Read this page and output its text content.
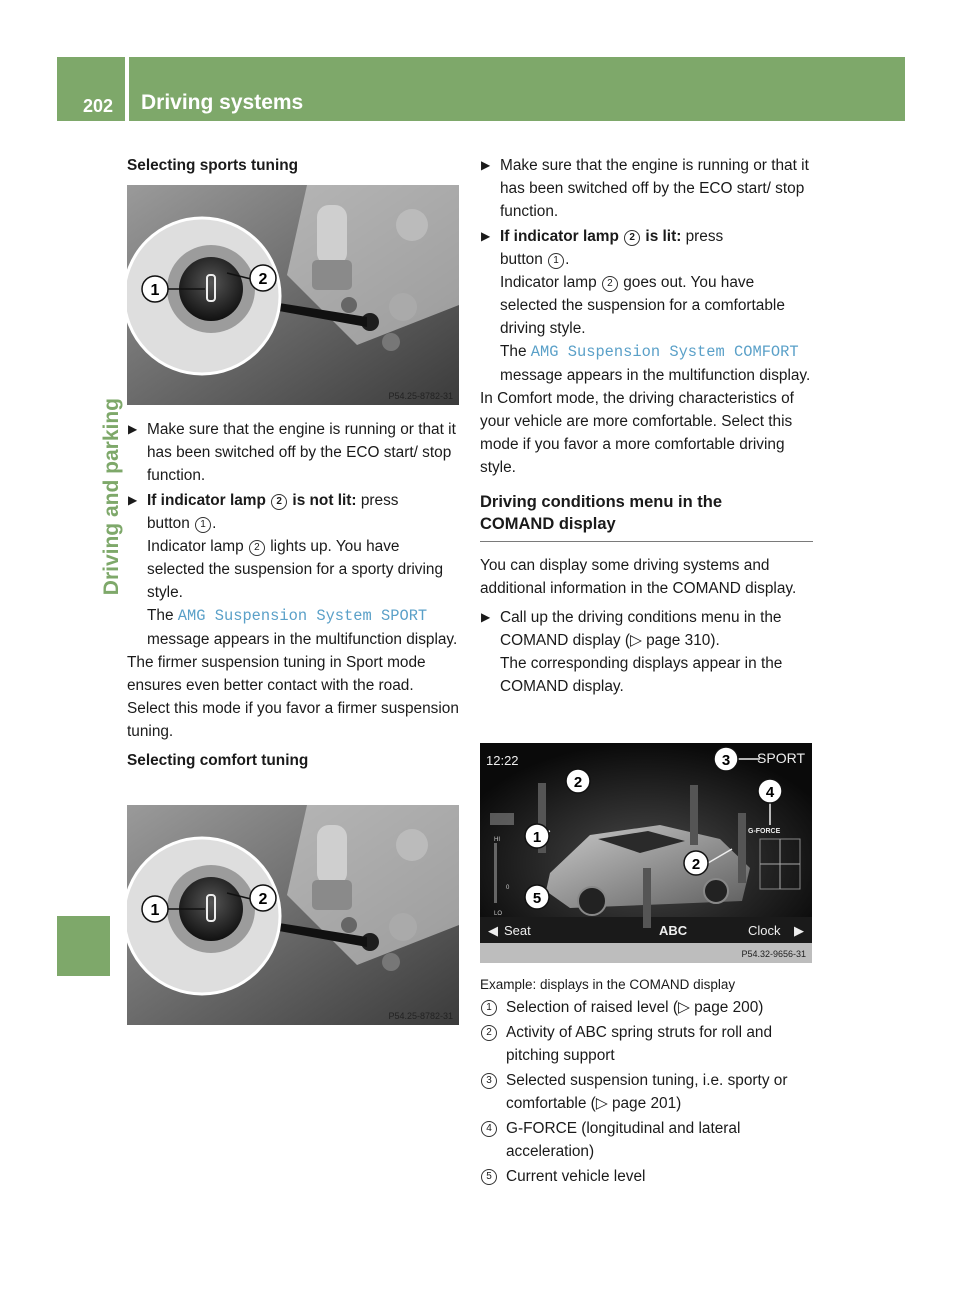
202 Driving systems
Driving and parking

Selecting sports tuning

1
2
P54.25-8782-31

▶ Make sure that the engine is running or that it has been switched off by the ECO start/ stop function.

▶ If indicator lamp 2 is not lit: press
button 1 .
Indicator lamp 2 lights up. You have selected the suspension for a sporty driving style.
The AMG Suspension System SPORT
message appears in the multifunction display.

The firmer suspension tuning in Sport mode ensures even better contact with the road. Select this mode if you favor a firmer suspension tuning.

Selecting comfort tuning

1
2
P54.25-8782-31

▶ Make sure that the engine is running or that it has been switched off by the ECO start/ stop function.

▶ If indicator lamp 2 is lit: press
button 1 .
Indicator lamp 2 goes out. You have selected the suspension for a comfortable driving style.
The AMG Suspension System COMFORT
message appears in the multifunction display.

In Comfort mode, the driving characteristics of your vehicle are more comfortable. Select this mode if you favor a more comfortable driving style.

Driving conditions menu in the
COMAND display

You can display some driving systems and additional information in the COMAND display.

▶ Call up the driving conditions menu in the COMAND display (▷ page 310).
The corresponding displays appear in the COMAND display.

12:22	SPORT
G-FORCE
HI
0
LO
◀ Seat	ABC	Clock ▶
1
2
2
3
4
5
P54.32-9656-31

Example: displays in the COMAND display

1 Selection of raised level (▷ page 200)

2 Activity of ABC spring struts for roll and pitching support

3 Selected suspension tuning, i.e. sporty or comfortable (▷ page 201)

4 G-FORCE (longitudinal and lateral acceleration)

5 Current vehicle level
